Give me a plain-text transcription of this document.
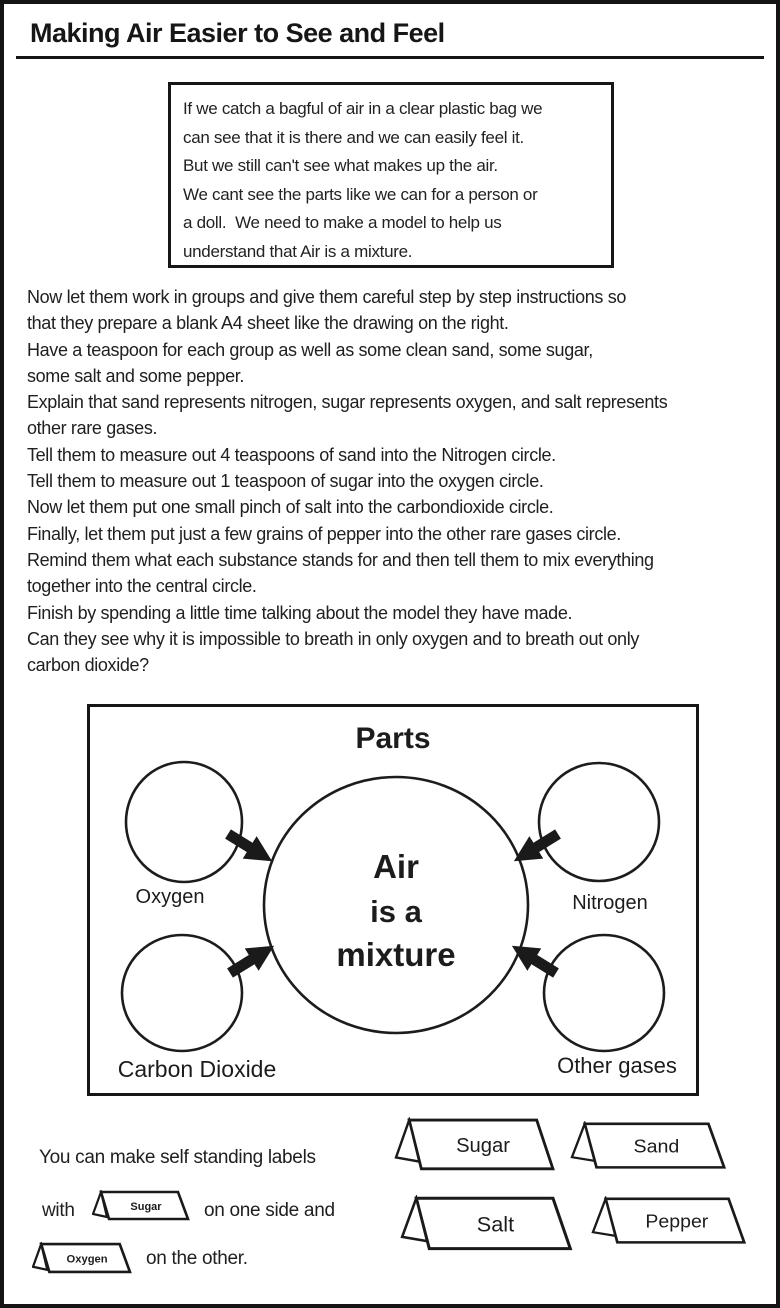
Making Air Easier to See and Feel
If we catch a bagful of air in a clear plastic bag we
can see that it is there and we can easily feel it.
But we still can't see what makes up the air.
We cant see the parts like we can for a person or
a doll.  We need to make a model to help us
understand that Air is a mixture.
Now let them work in groups and give them careful step by step instructions so
that they prepare a blank A4 sheet like the drawing on the right.
Have a teaspoon for each group as well as some clean sand, some sugar,
some salt and some pepper.
Explain that sand represents nitrogen, sugar represents oxygen, and salt represents
other rare gases.
Tell them to measure out 4 teaspoons of sand into the Nitrogen circle.
Tell them to measure out 1 teaspoon of sugar into the oxygen circle.
Now let them put one small pinch of salt into the carbondioxide circle.
Finally, let them put just a few grains of pepper into the other rare gases circle.
Remind them what each substance stands for and then tell them to mix everything
together into the central circle.
Finish by spending a little time talking about the model they have made.
Can they see why it is impossible to breath in only oxygen and to breath out only
carbon dioxide?
Parts
Air
is a
mixture
Oxygen	Nitrogen
Carbon Dioxide	Other gases
You can make self standing labels
with	on one side and
on the other.
Sugar
Oxygen
Sugar	Sand
Salt	Pepper
